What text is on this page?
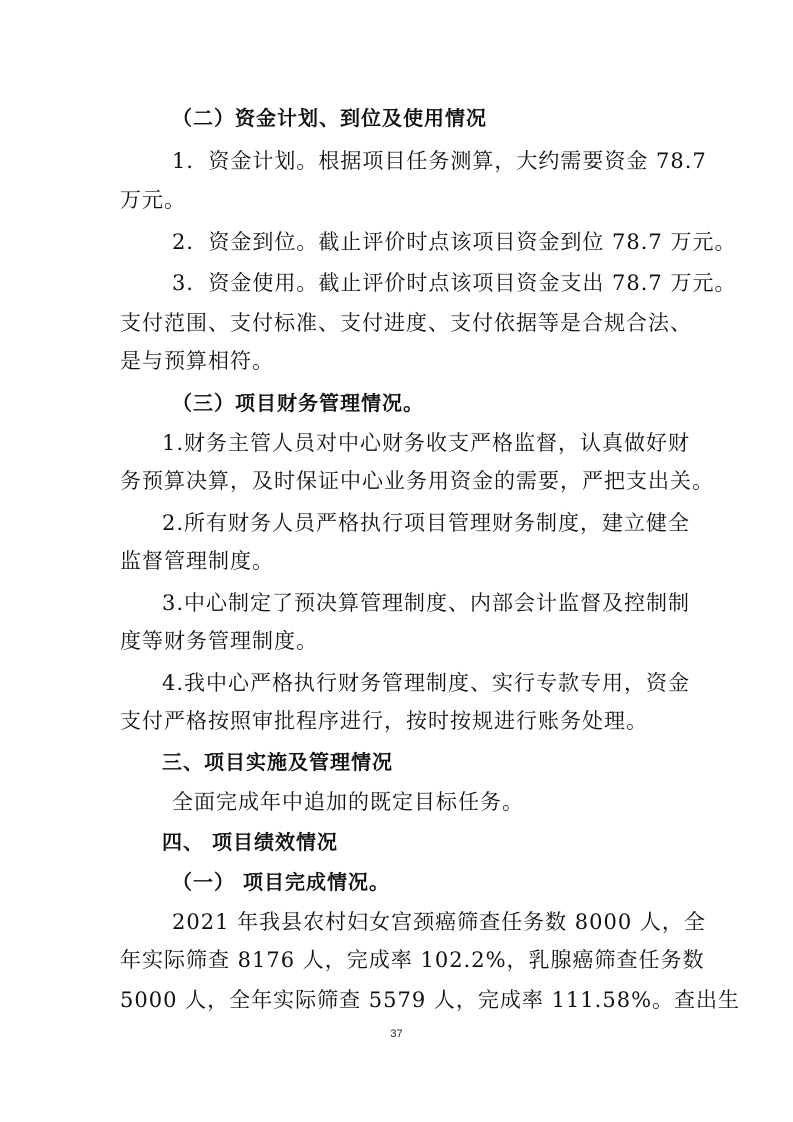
（二）资金计划、到位及使用情况
1．资金计划。根据项目任务测算，大约需要资金 78.7
万元。
2．资金到位。截止评价时点该项目资金到位 78.7 万元。
3．资金使用。截止评价时点该项目资金支出 78.7 万元。
支付范围、支付标准、支付进度、支付依据等是合规合法、
是与预算相符。
（三）项目财务管理情况。
1.财务主管人员对中心财务收支严格监督，认真做好财
务预算决算，及时保证中心业务用资金的需要，严把支出关。
2.所有财务人员严格执行项目管理财务制度，建立健全
监督管理制度。
3.中心制定了预决算管理制度、内部会计监督及控制制
度等财务管理制度。
4.我中心严格执行财务管理制度、实行专款专用，资金
支付严格按照审批程序进行，按时按规进行账务处理。
三、项目实施及管理情况
全面完成年中追加的既定目标任务。
四、 项目绩效情况
（一） 项目完成情况。
2021 年我县农村妇女宫颈癌筛查任务数 8000 人，全
年实际筛查 8176 人，完成率 102.2%，乳腺癌筛查任务数
5000 人，全年实际筛查 5579 人，完成率 111.58%。查出生
37
